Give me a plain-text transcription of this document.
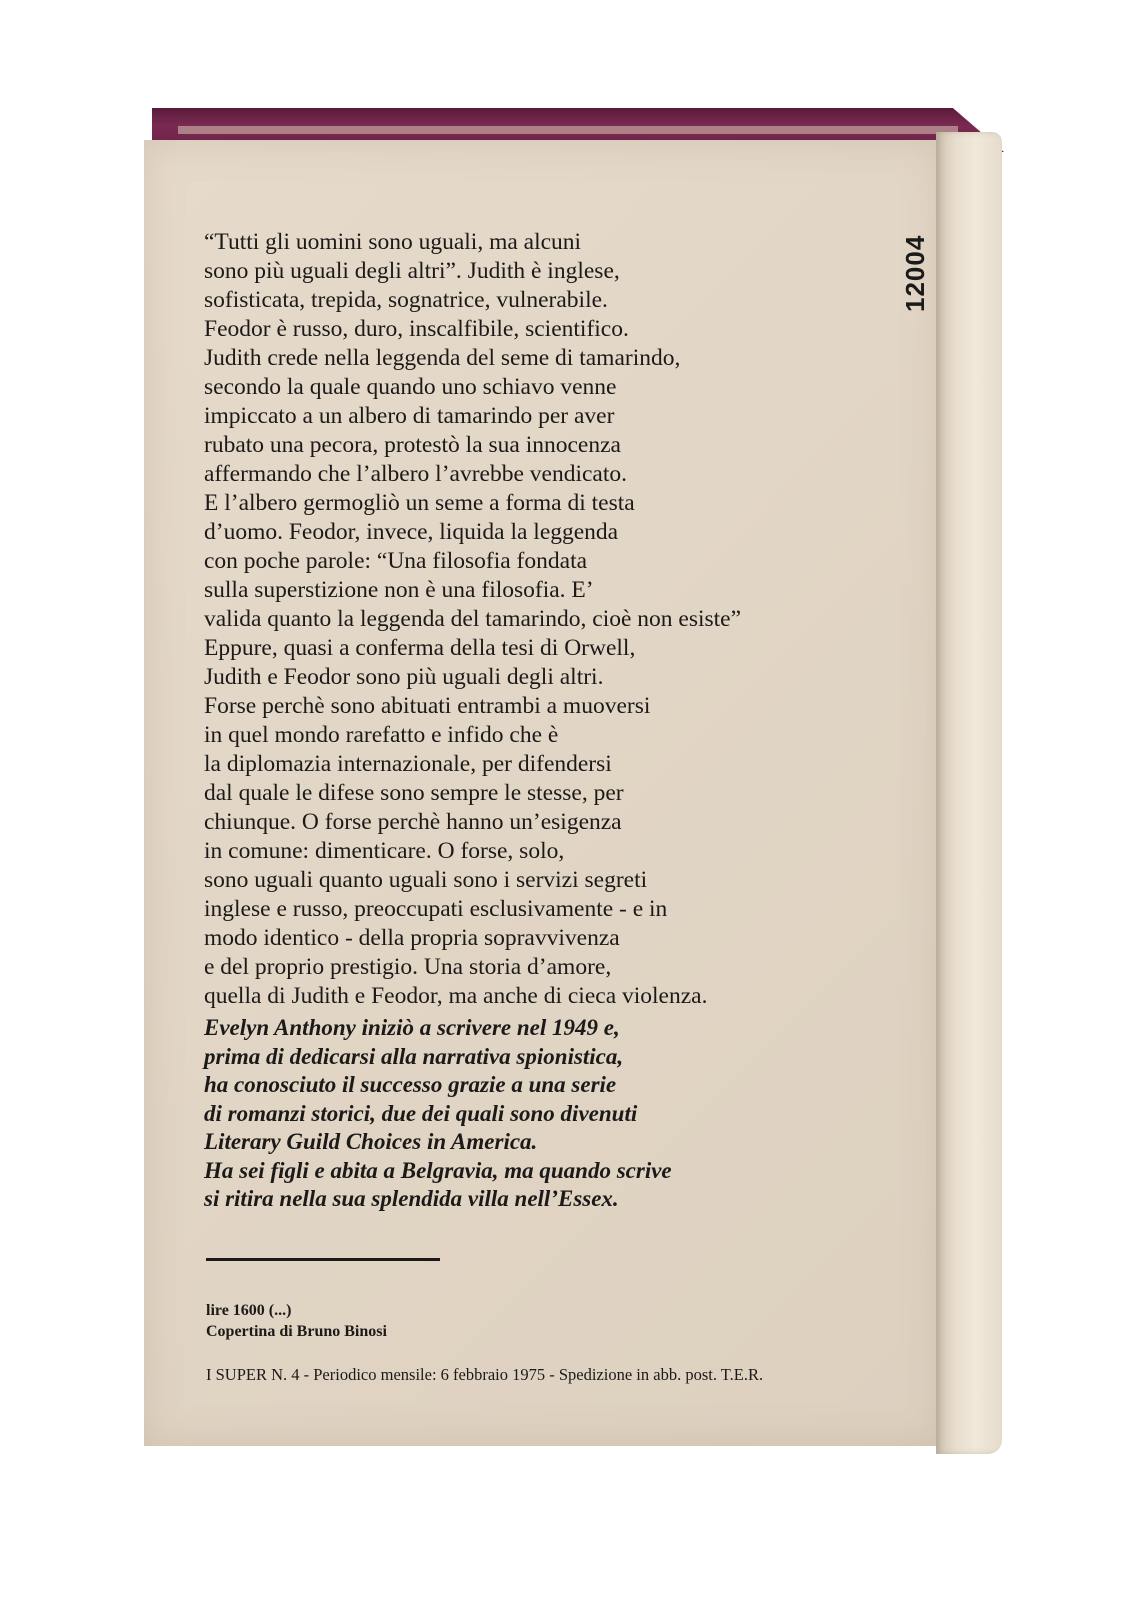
12004
“Tutti gli uomini sono uguali, ma alcuni
sono più uguali degli altri”. Judith è inglese,
sofisticata, trepida, sognatrice, vulnerabile.
Feodor è russo, duro, inscalfibile, scientifico.
Judith crede nella leggenda del seme di tamarindo,
secondo la quale quando uno schiavo venne
impiccato a un albero di tamarindo per aver
rubato una pecora, protestò la sua innocenza
affermando che l’albero l’avrebbe vendicato.
E l’albero germogliò un seme a forma di testa
d’uomo. Feodor, invece, liquida la leggenda
con poche parole: “Una filosofia fondata
sulla superstizione non è una filosofia. E’
valida quanto la leggenda del tamarindo, cioè non esiste”
Eppure, quasi a conferma della tesi di Orwell,
Judith e Feodor sono più uguali degli altri.
Forse perchè sono abituati entrambi a muoversi
in quel mondo rarefatto e infido che è
la diplomazia internazionale, per difendersi
dal quale le difese sono sempre le stesse, per
chiunque. O forse perchè hanno un’esigenza
in comune: dimenticare. O forse, solo,
sono uguali quanto uguali sono i servizi segreti
inglese e russo, preoccupati esclusivamente - e in
modo identico - della propria sopravvivenza
e del proprio prestigio. Una storia d’amore,
quella di Judith e Feodor, ma anche di cieca violenza.
Evelyn Anthony iniziò a scrivere nel 1949 e,
prima di dedicarsi alla narrativa spionistica,
ha conosciuto il successo grazie a una serie
di romanzi storici, due dei quali sono divenuti
Literary Guild Choices in America.
Ha sei figli e abita a Belgravia, ma quando scrive
si ritira nella sua splendida villa nell’Essex.
lire 1600 (...)
Copertina di Bruno Binosi
I SUPER N. 4 - Periodico mensile: 6 febbraio 1975 - Spedizione in abb. post. T.E.R.
